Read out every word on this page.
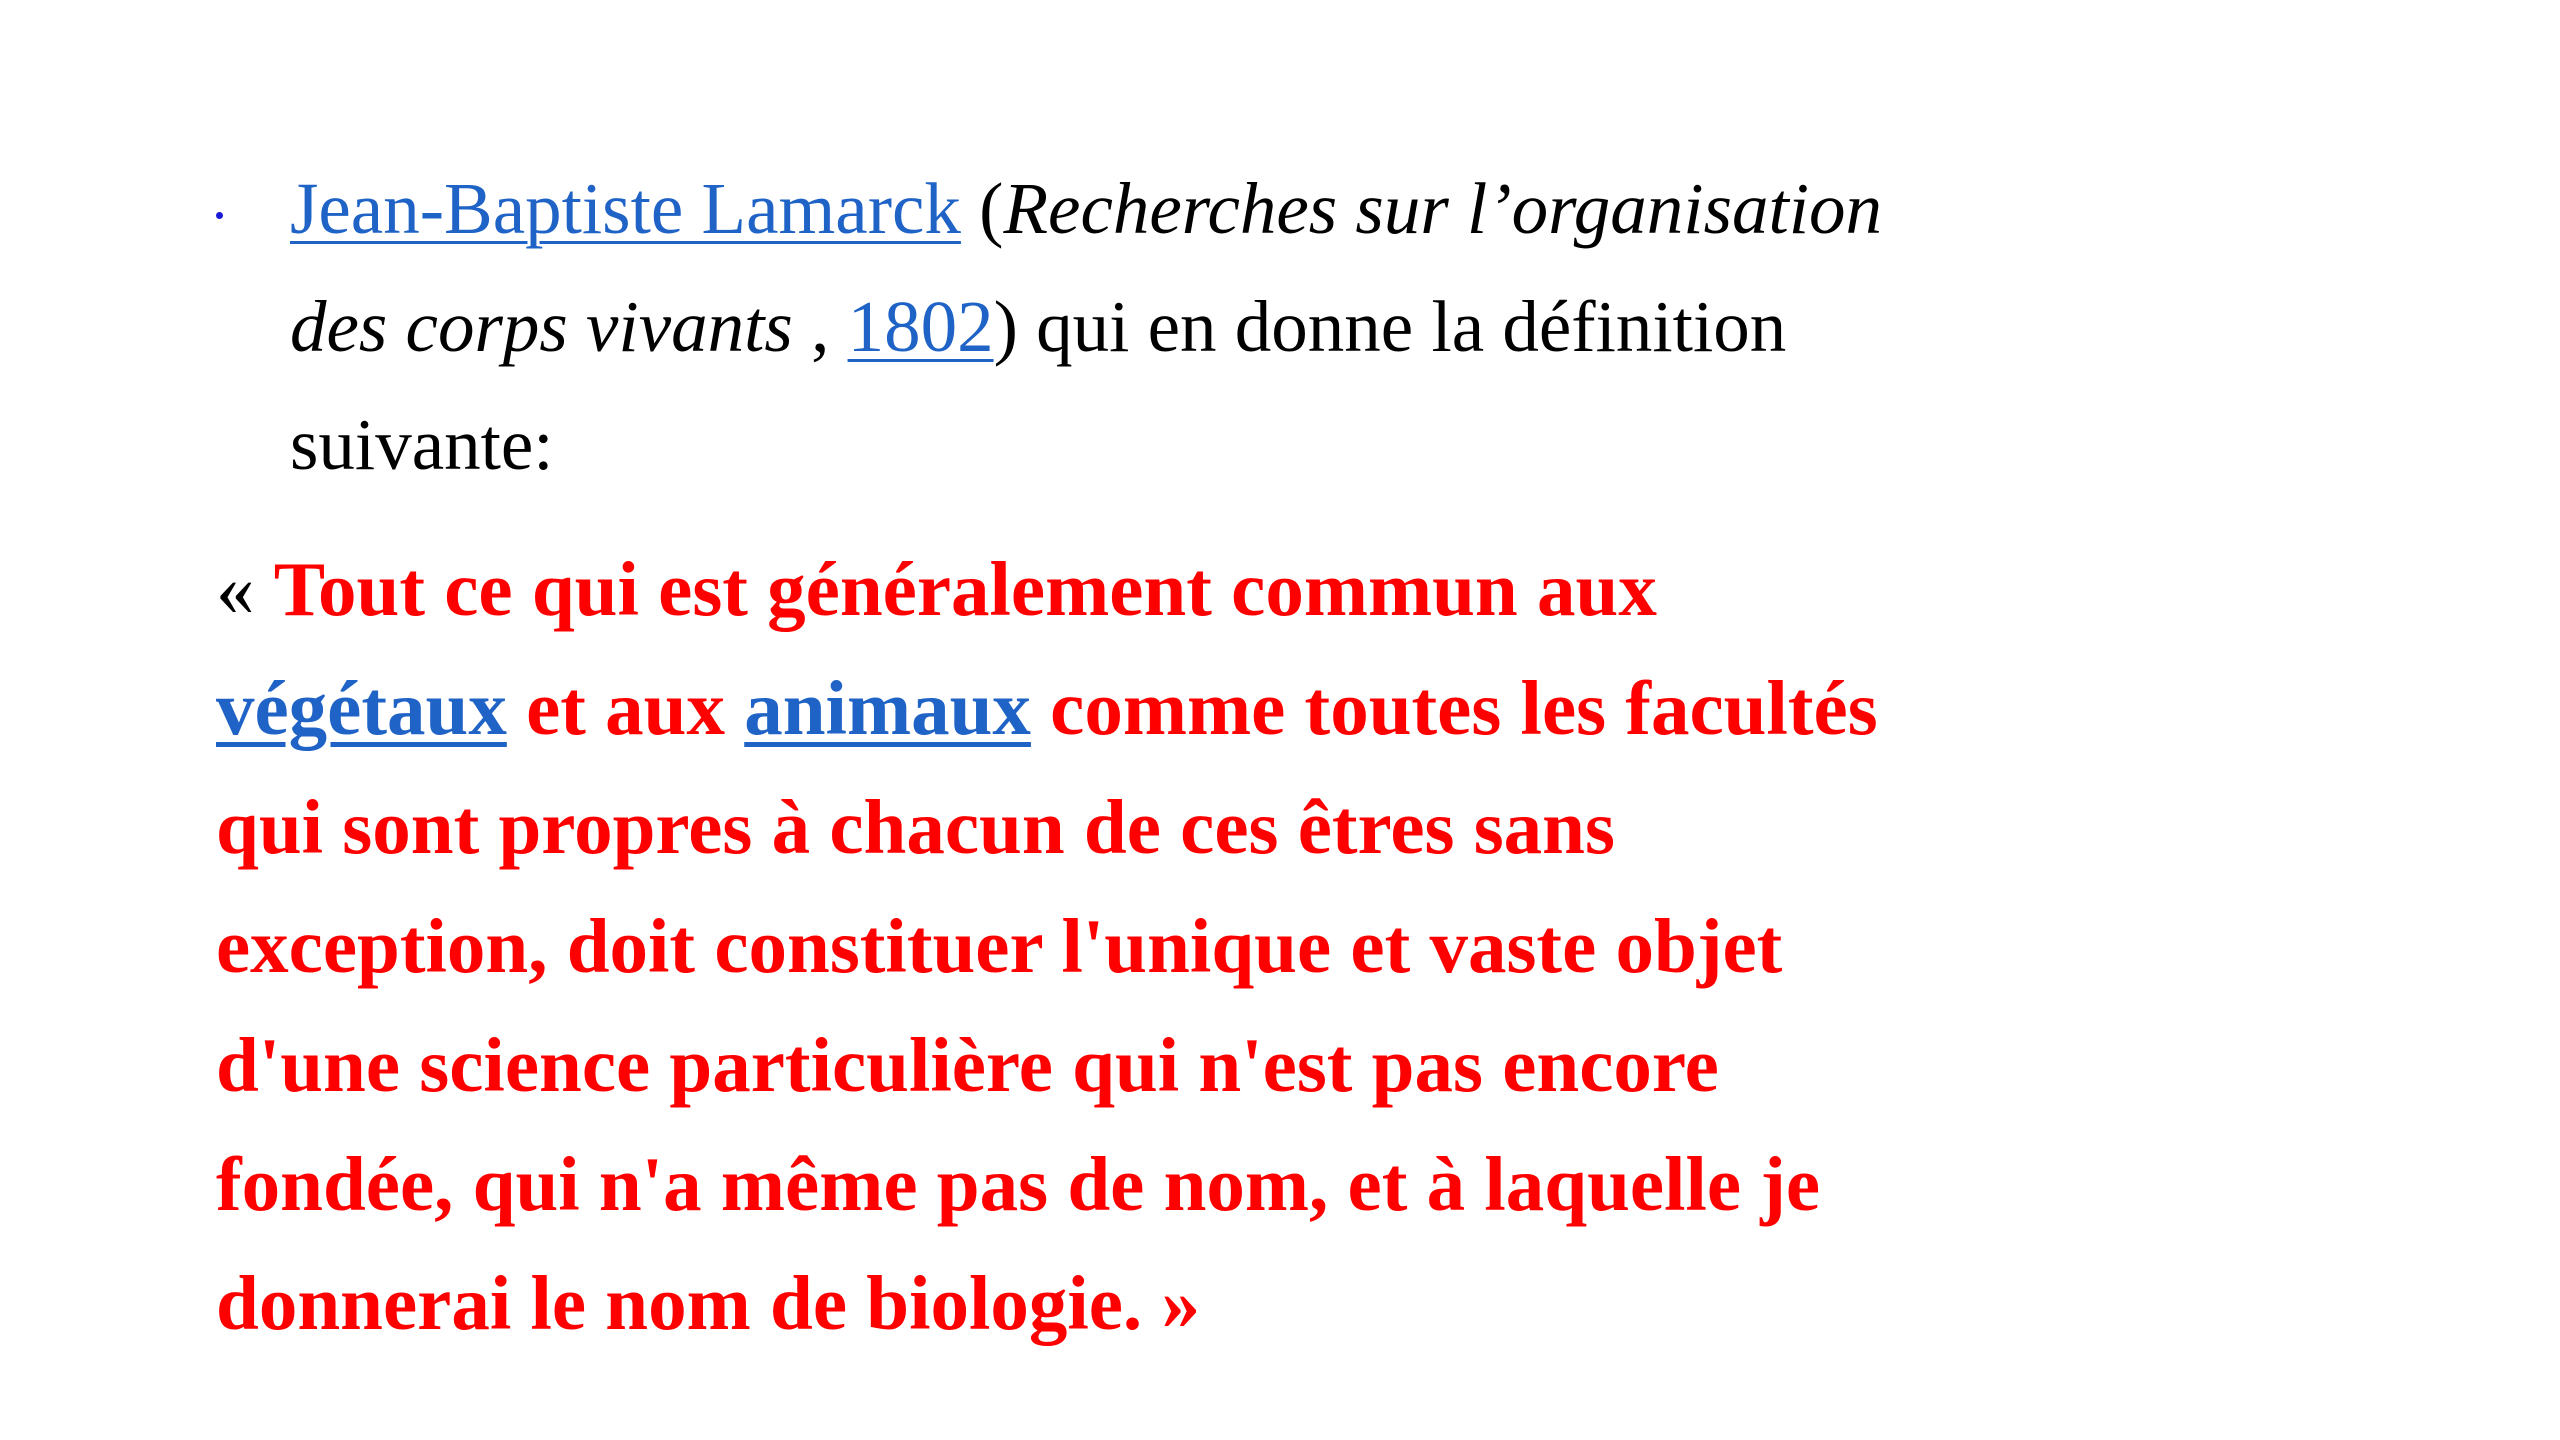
Jean-Baptiste Lamarck (Recherches sur l’organisation des corps vivants , 1802) qui en donne la définition suivante:
« Tout ce qui est généralement commun aux végétaux et aux animaux comme toutes les facultés qui sont propres à chacun de ces êtres sans exception, doit constituer l'unique et vaste objet d'une science particulière qui n'est pas encore fondée, qui n'a même pas de nom, et à laquelle je donnerai le nom de biologie. »
